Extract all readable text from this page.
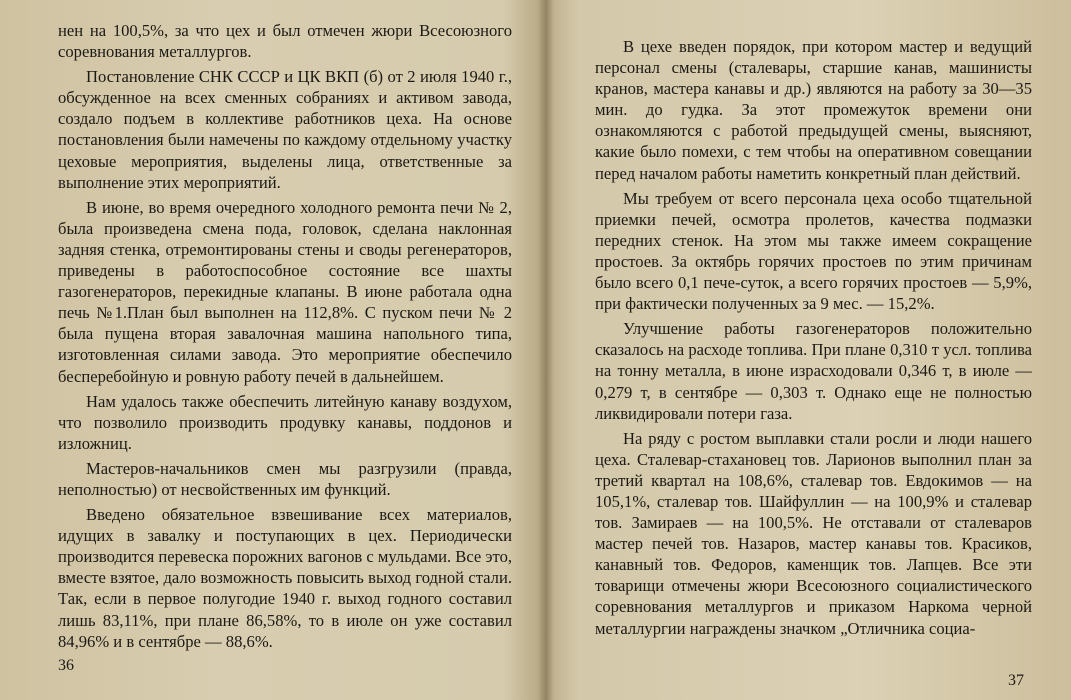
нен на 100,5%, за что цех и был отмечен жюри Всесоюзного соревнования металлургов.

Постановление СНК СССР и ЦК ВКП (б) от 2 июля 1940 г., обсужденное на всех сменных собраниях и активом завода, создало подъем в коллективе работников цеха. На основе постановления были намечены по каждому отдельному участку цеховые мероприятия, выделены лица, ответственные за выполнение этих мероприятий.

В июне, во время очередного холодного ремонта печи № 2, была произведена смена пода, головок, сделана наклонная задняя стенка, отремонтированы стены и своды регенераторов, приведены в работоспособное состояние все шахты газогенераторов, перекидные клапаны. В июне работала одна печь №1.План был выполнен на 112,8%. С пуском печи № 2 была пущена вторая завалочная машина напольного типа, изготовленная силами завода. Это мероприятие обеспечило бесперебойную и ровную работу печей в дальнейшем.

Нам удалось также обеспечить литейную канаву воздухом, что позволило производить продувку канавы, поддонов и изложниц.

Мастеров-начальников смен мы разгрузили (правда, неполностью) от несвойственных им функций.

Введено обязательное взвешивание всех материалов, идущих в завалку и поступающих в цех. Периодически производится перевеска порожних вагонов с мульдами. Все это, вместе взятое, дало возможность повысить выход годной стали. Так, если в первое полугодие 1940 г. выход годного составил лишь 83,11%, при плане 86,58%, то в июле он уже составил 84,96% и в сентябре — 88,6%.

36

В цехе введен порядок, при котором мастер и ведущий персонал смены (сталевары, старшие канав, машинисты кранов, мастера канавы и др.) являются на работу за 30—35 мин. до гудка. За этот промежуток времени они ознакомляются с работой предыдущей смены, выясняют, какие было помехи, с тем чтобы на оперативном совещании перед началом работы наметить конкретный план действий.

Мы требуем от всего персонала цеха особо тщательной приемки печей, осмотра пролетов, качества подмазки передних стенок. На этом мы также имеем сокращение простоев. За октябрь горячих простоев по этим причинам было всего 0,1 пече-суток, а всего горячих простоев — 5,9%, при фактически полученных за 9 мес. — 15,2%.

Улучшение работы газогенераторов положительно сказалось на расходе топлива. При плане 0,310 т усл. топлива на тонну металла, в июне израсходовали 0,346 т, в июле — 0,279 т, в сентябре — 0,303 т. Однако еще не полностью ликвидировали потери газа.

На ряду с ростом выплавки стали росли и люди нашего цеха. Сталевар-стахановец тов. Ларионов выполнил план за третий квартал на 108,6%, сталевар тов. Евдокимов — на 105,1%, сталевар тов. Шайфуллин — на 100,9% и сталевар тов. Замираев — на 100,5%. Не отставали от сталеваров мастер печей тов. Назаров, мастер канавы тов. Красиков, канавный тов. Федоров, каменщик тов. Лапцев. Все эти товарищи отмечены жюри Всесоюзного социалистического соревнования металлургов и приказом Наркома черной металлургии награждены значком „Отличника социа-

37
